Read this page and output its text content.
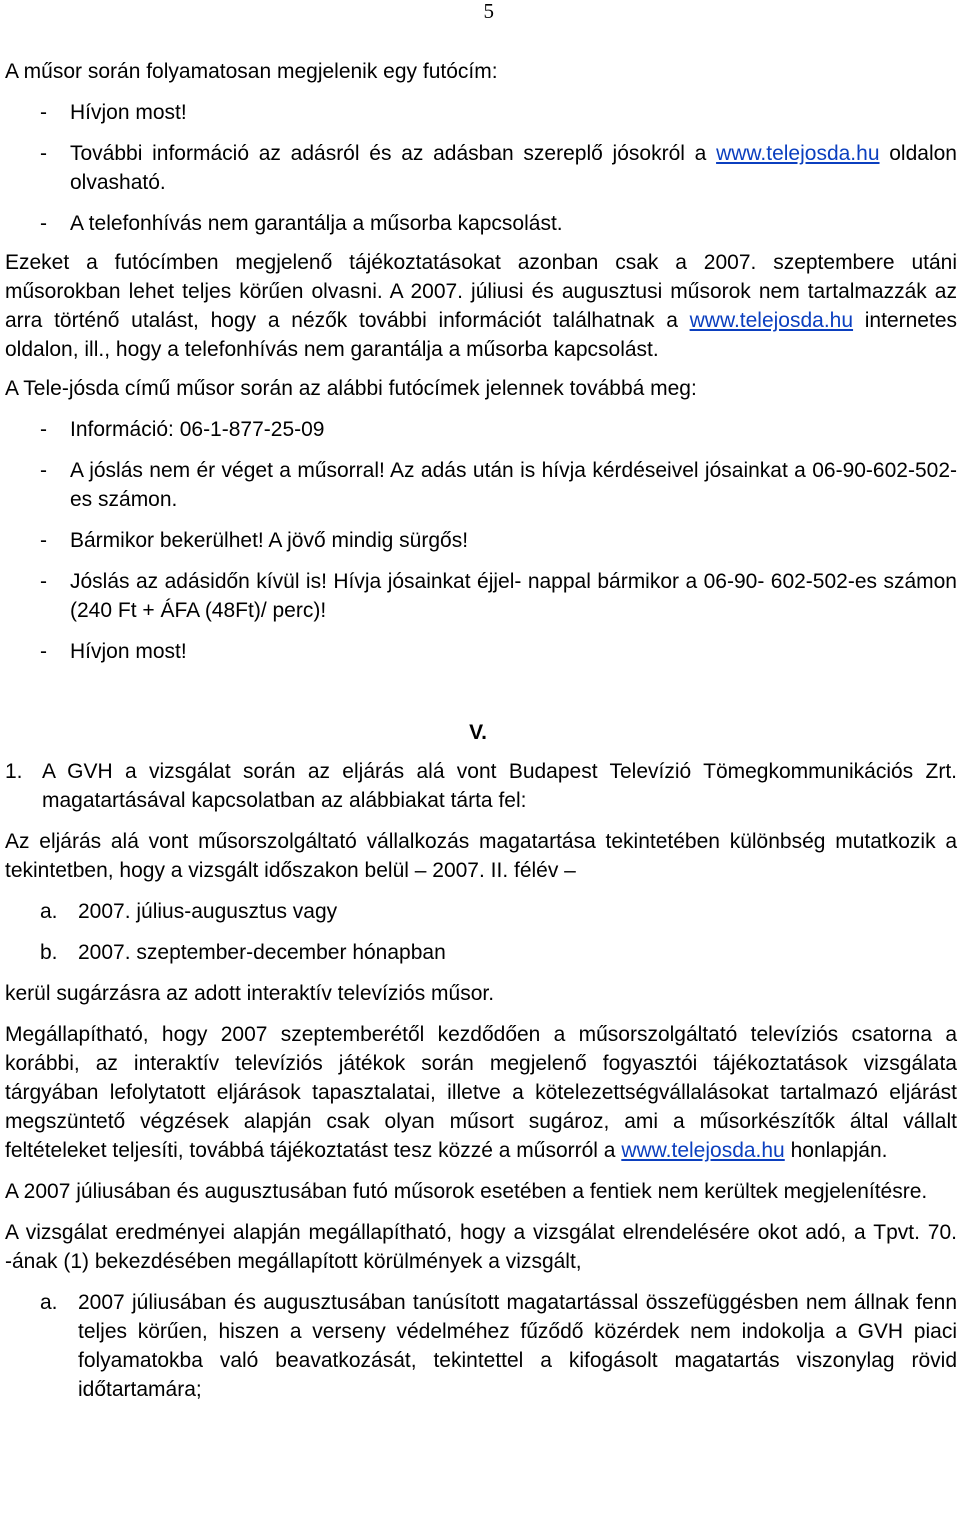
5

A műsor során folyamatosan megjelenik egy futócím:

-	Hívjon most!
-	További információ az adásról és az adásban szereplő jósokról a www.telejosda.hu oldalon olvasható.
-	A telefonhívás nem garantálja a műsorba kapcsolást.

Ezeket a futócímben megjelenő tájékoztatásokat azonban csak a 2007. szeptembere utáni műsorokban lehet teljes körűen olvasni. A 2007. júliusi és augusztusi műsorok nem tartalmazzák az arra történő utalást, hogy a nézők további információt találhatnak a www.telejosda.hu internetes oldalon, ill., hogy a telefonhívás nem garantálja a műsorba kapcsolást.

A Tele-jósda című műsor során az alábbi futócímek jelennek továbbá meg:

-	Információ: 06-1-877-25-09
-	A jóslás nem ér véget a műsorral! Az adás után is hívja kérdéseivel jósainkat a 06-90-602-502-es számon.
-	Bármikor bekerülhet! A jövő mindig sürgős!
-	Jóslás az adásidőn kívül is! Hívja jósainkat éjjel- nappal bármikor a 06-90- 602-502-es számon (240 Ft + ÁFA (48Ft)/ perc)!
-	Hívjon most!
V.
1. A GVH a vizsgálat során az eljárás alá vont Budapest Televízió Tömegkommunikációs Zrt. magatartásával kapcsolatban az alábbiakat tárta fel:

Az eljárás alá vont műsorszolgáltató vállalkozás magatartása tekintetében különbség mutatkozik a tekintetben, hogy a vizsgált időszakon belül – 2007. II. félév –

a. 2007. július-augusztus vagy
b. 2007. szeptember-december hónapban

kerül sugárzásra az adott interaktív televíziós műsor.

Megállapítható, hogy 2007 szeptemberétől kezdődően a műsorszolgáltató televíziós csatorna a korábbi, az interaktív televíziós játékok során megjelenő fogyasztói tájékoztatások vizsgálata tárgyában lefolytatott eljárások tapasztalatai, illetve a kötelezettségvállalásokat tartalmazó eljárást megszüntető végzések alapján csak olyan műsort sugároz, ami a műsorkészítők által vállalt feltételeket teljesíti, továbbá tájékoztatást tesz közzé a műsorról a www.telejosda.hu honlapján.

A 2007 júliusában és augusztusában futó műsorok esetében a fentiek nem kerültek megjelenítésre.

A vizsgálat eredményei alapján megállapítható, hogy a vizsgálat elrendelésére okot adó, a Tpvt. 70. -ának (1) bekezdésében megállapított körülmények a vizsgált,

a. 2007 júliusában és augusztusában tanúsított magatartással összefüggésben nem állnak fenn teljes körűen, hiszen a verseny védelméhez fűződő közérdek nem indokolja a GVH piaci folyamatokba való beavatkozását, tekintettel a kifogásolt magatartás viszonylag rövid időtartamára;
